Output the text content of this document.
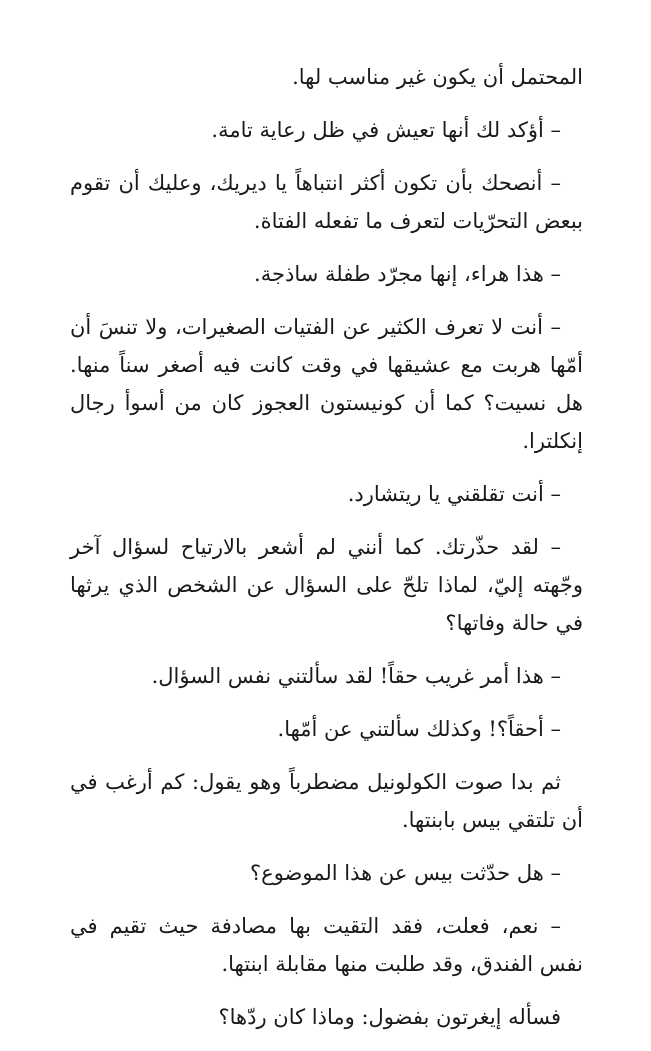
المحتمل أن يكون غير مناسب لها.

– أؤكد لك أنها تعيش في ظل رعاية تامة.

– أنصحك بأن تكون أكثر انتباهاً يا ديريك، وعليك أن تقوم ببعض التحرّيات لتعرف ما تفعله الفتاة.

– هذا هراء، إنها مجرّد طفلة ساذجة.

– أنت لا تعرف الكثير عن الفتيات الصغيرات، ولا تنسَ أن أمّها هربت مع عشيقها في وقت كانت فيه أصغر سناً منها. هل نسيت؟ كما أن كونيستون العجوز كان من أسوأ رجال إنكلترا.

– أنت تقلقني يا ريتشارد.

– لقد حذّرتك. كما أنني لم أشعر بالارتياح لسؤال آخر وجّهته إليّ، لماذا تلحّ على السؤال عن الشخص الذي يرثها في حالة وفاتها؟

– هذا أمر غريب حقاً! لقد سألتني نفس السؤال.

– أحقاً؟! وكذلك سألتني عن أمّها.

ثم بدا صوت الكولونيل مضطرباً وهو يقول: كم أرغب في أن تلتقي بيس بابنتها.

– هل حدّثت بيس عن هذا الموضوع؟

– نعم، فعلت، فقد التقيت بها مصادفة حيث تقيم في نفس الفندق، وقد طلبت منها مقابلة ابنتها.

فسأله إيغرتون بفضول: وماذا كان ردّها؟
